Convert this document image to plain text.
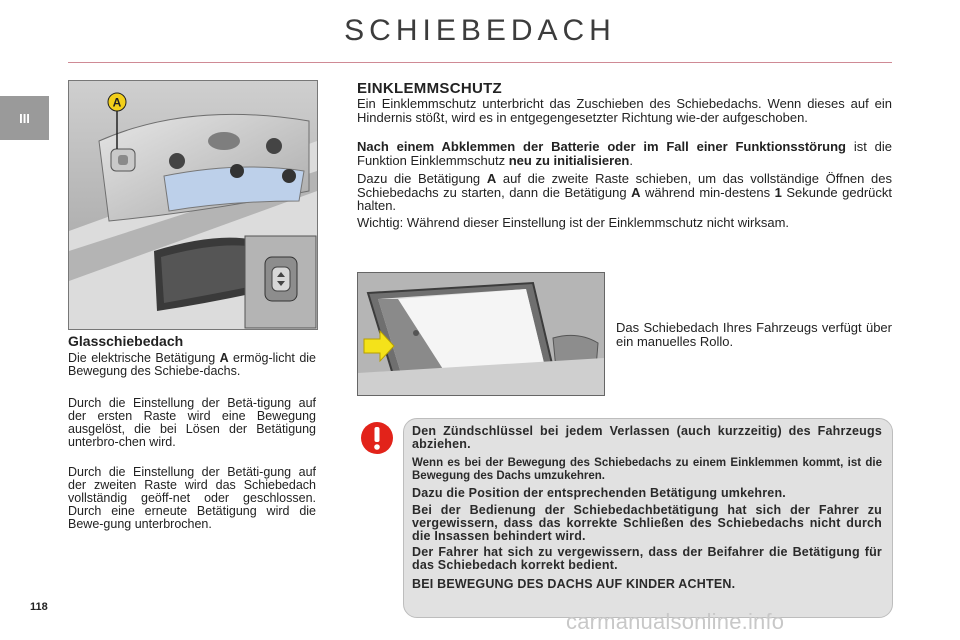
SCHIEBEDACH
III
A
Glasschiebedach

Die elektrische Betätigung A ermög-licht die Bewegung des Schiebe-dachs.

Durch die Einstellung der Betä-tigung auf der ersten Raste wird eine Bewegung ausgelöst, die bei Lösen der Betätigung unterbro-chen wird.

Durch die Einstellung der Betäti-gung auf der zweiten Raste wird das Schiebedach vollständig geöff-net oder geschlossen. Durch eine erneute Betätigung wird die Bewe-gung unterbrochen.

EINKLEMMSCHUTZ

Ein Einklemmschutz unterbricht das Zuschieben des Schiebedachs. Wenn dieses auf ein Hindernis stößt, wird es in entgegengesetzter Richtung wie-der aufgeschoben.

Nach einem Abklemmen der Batterie oder im Fall einer Funktionsstörung ist die Funktion Einklemmschutz neu zu initialisieren.

Dazu die Betätigung A auf die zweite Raste schieben, um das vollständige Öffnen des Schiebedachs zu starten, dann die Betätigung A während min-destens 1 Sekunde gedrückt halten.

Wichtig: Während dieser Einstellung ist der Einklemmschutz nicht wirksam.

Das Schiebedach Ihres Fahrzeugs verfügt über ein manuelles Rollo.

Den Zündschlüssel bei jedem Verlassen (auch kurzzeitig) des Fahrzeugs abziehen.

Wenn es bei der Bewegung des Schiebedachs zu einem Einklemmen kommt, ist die Bewegung des Dachs umzukehren.

Dazu die Position der entsprechenden Betätigung umkehren.

Bei der Bedienung der Schiebedachbetätigung hat sich der Fahrer zu vergewissern, dass das korrekte Schließen des Schiebedachs nicht durch die Insassen behindert wird.

Der Fahrer hat sich zu vergewissern, dass der Beifahrer die Betätigung für das Schiebedach korrekt bedient.

BEI BEWEGUNG DES DACHS AUF KINDER ACHTEN.

118
carmanualsonline.info
